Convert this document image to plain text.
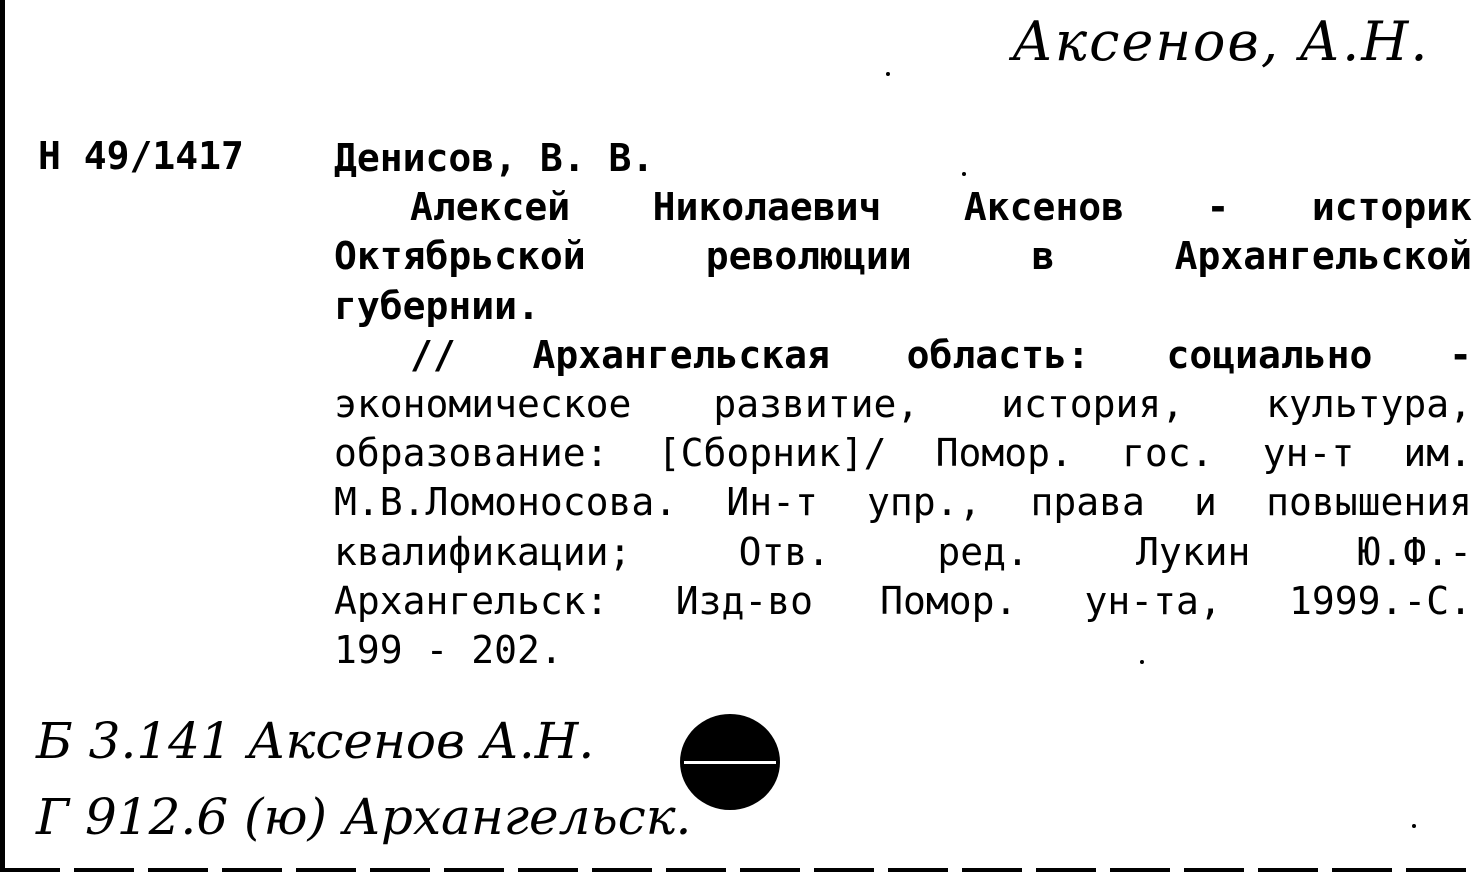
Аксенов, А.Н.
Н 49/1417 Денисов, В. В.
Алексей Николаевич Аксенов - историк
Октябрьской революции в Архангельской
губернии.
// Архангельская область: социально -
экономическое развитие, история, культура,
образование: [Сборник]/ Помор. гос. ун-т им.
М.В.Ломоносова. Ин-т упр., права и повышения
квалификации; Отв. ред. Лукин Ю.Ф.-
Архангельск: Изд-во Помор. ун-та, 1999.-С.
199 - 202.
Б 3.141 Аксенов А.Н.
Г 912.6 (ю) Архангельск.
